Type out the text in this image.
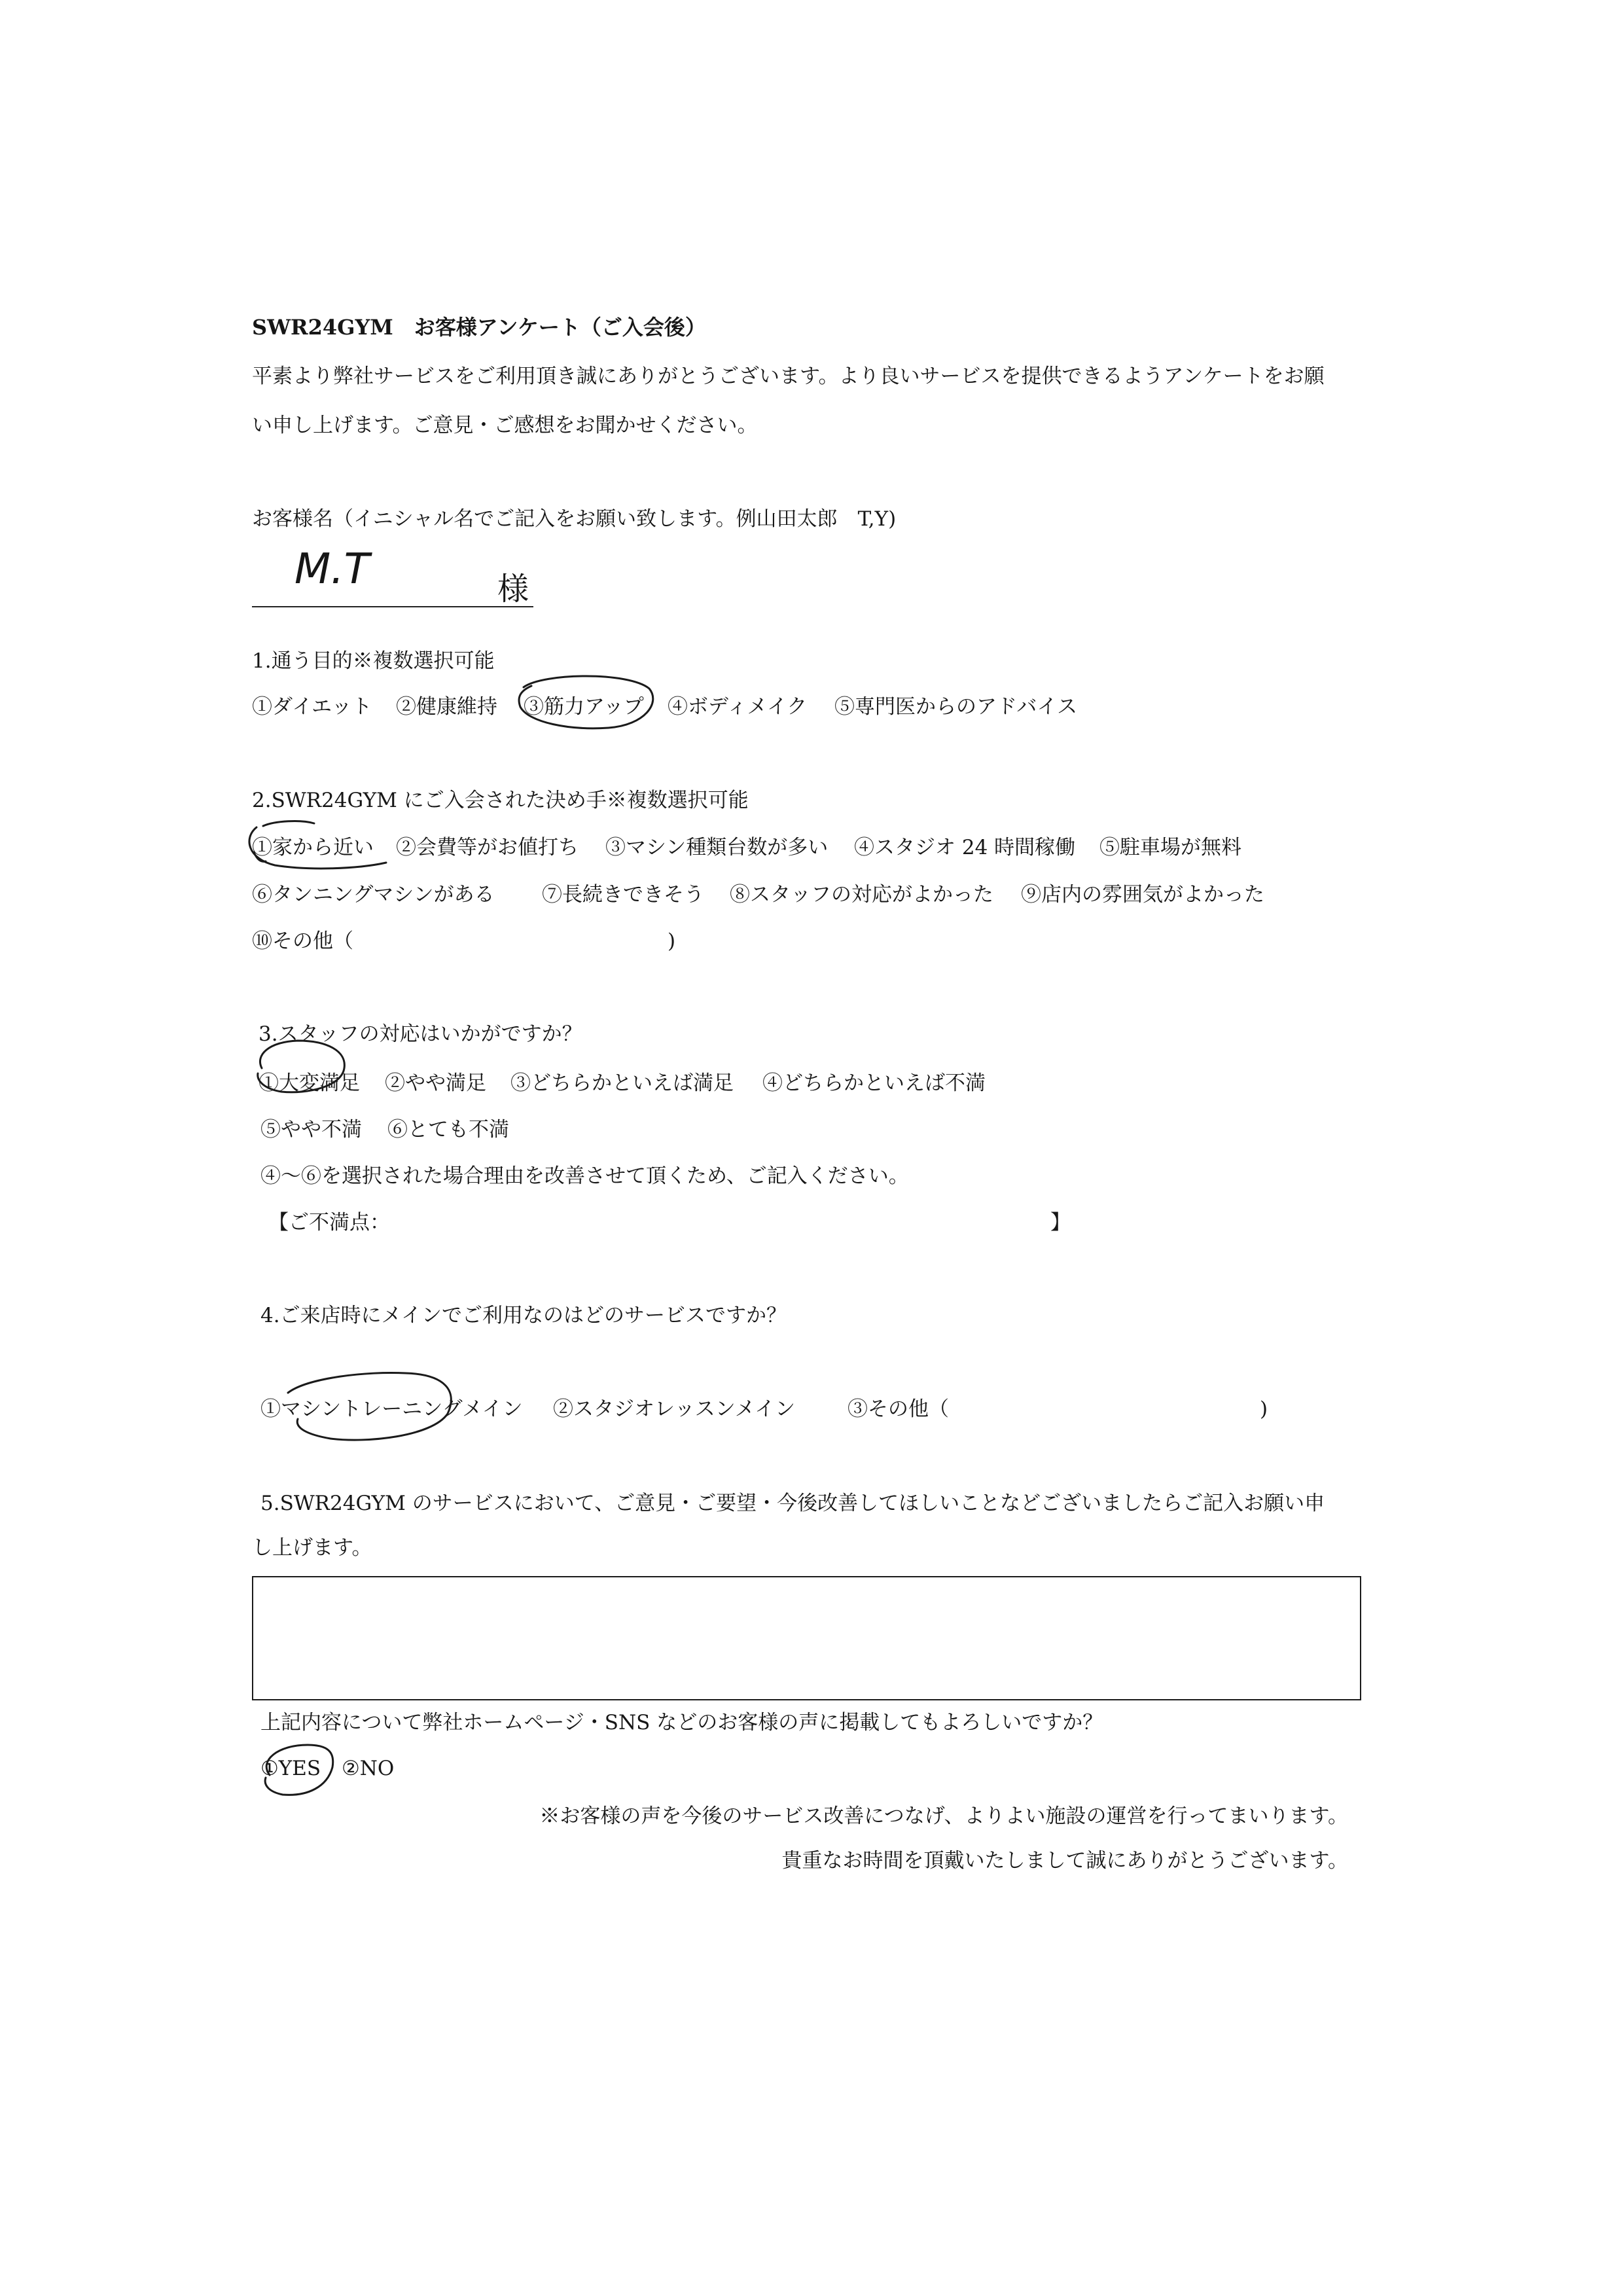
SWR24GYM　お客様アンケート（ご入会後）
平素より弊社サービスをご利用頂き誠にありがとうございます。より良いサービスを提供できるようアンケートをお願
い申し上げます。ご意見・ご感想をお聞かせください。
お客様名（イニシャル名でご記入をお願い致します。例山田太郎　T,Y)
M.T	様
1.通う目的※複数選択可能
①ダイエット ②健康維持 ③筋力アップ ④ボディメイク ⑤専門医からのアドバイス
2.SWR24GYM にご入会された決め手※複数選択可能
①家から近い ②会費等がお値打ち ③マシン種類台数が多い ④スタジオ 24 時間稼働 ⑤駐車場が無料
⑥タンニングマシンがある ⑦長続きできそう ⑧スタッフの対応がよかった ⑨店内の雰囲気がよかった
⑩その他（	)
3.スタッフの対応はいかがですか？
①大変満足 ②やや満足 ③どちらかといえば満足 ④どちらかといえば不満
⑤やや不満 ⑥とても不満
④～⑥を選択された場合理由を改善させて頂くため、ご記入ください。
【ご不満点：	】
4.ご来店時にメインでご利用なのはどのサービスですか？
①マシントレーニングメイン ②スタジオレッスンメイン	③その他（	)
5.SWR24GYM のサービスにおいて、ご意見・ご要望・今後改善してほしいことなどございましたらご記入お願い申
し上げます。
上記内容について弊社ホームページ・SNS などのお客様の声に掲載してもよろしいですか？
①YES ②NO
※お客様の声を今後のサービス改善につなげ、よりよい施設の運営を行ってまいります。
貴重なお時間を頂戴いたしまして誠にありがとうございます。
